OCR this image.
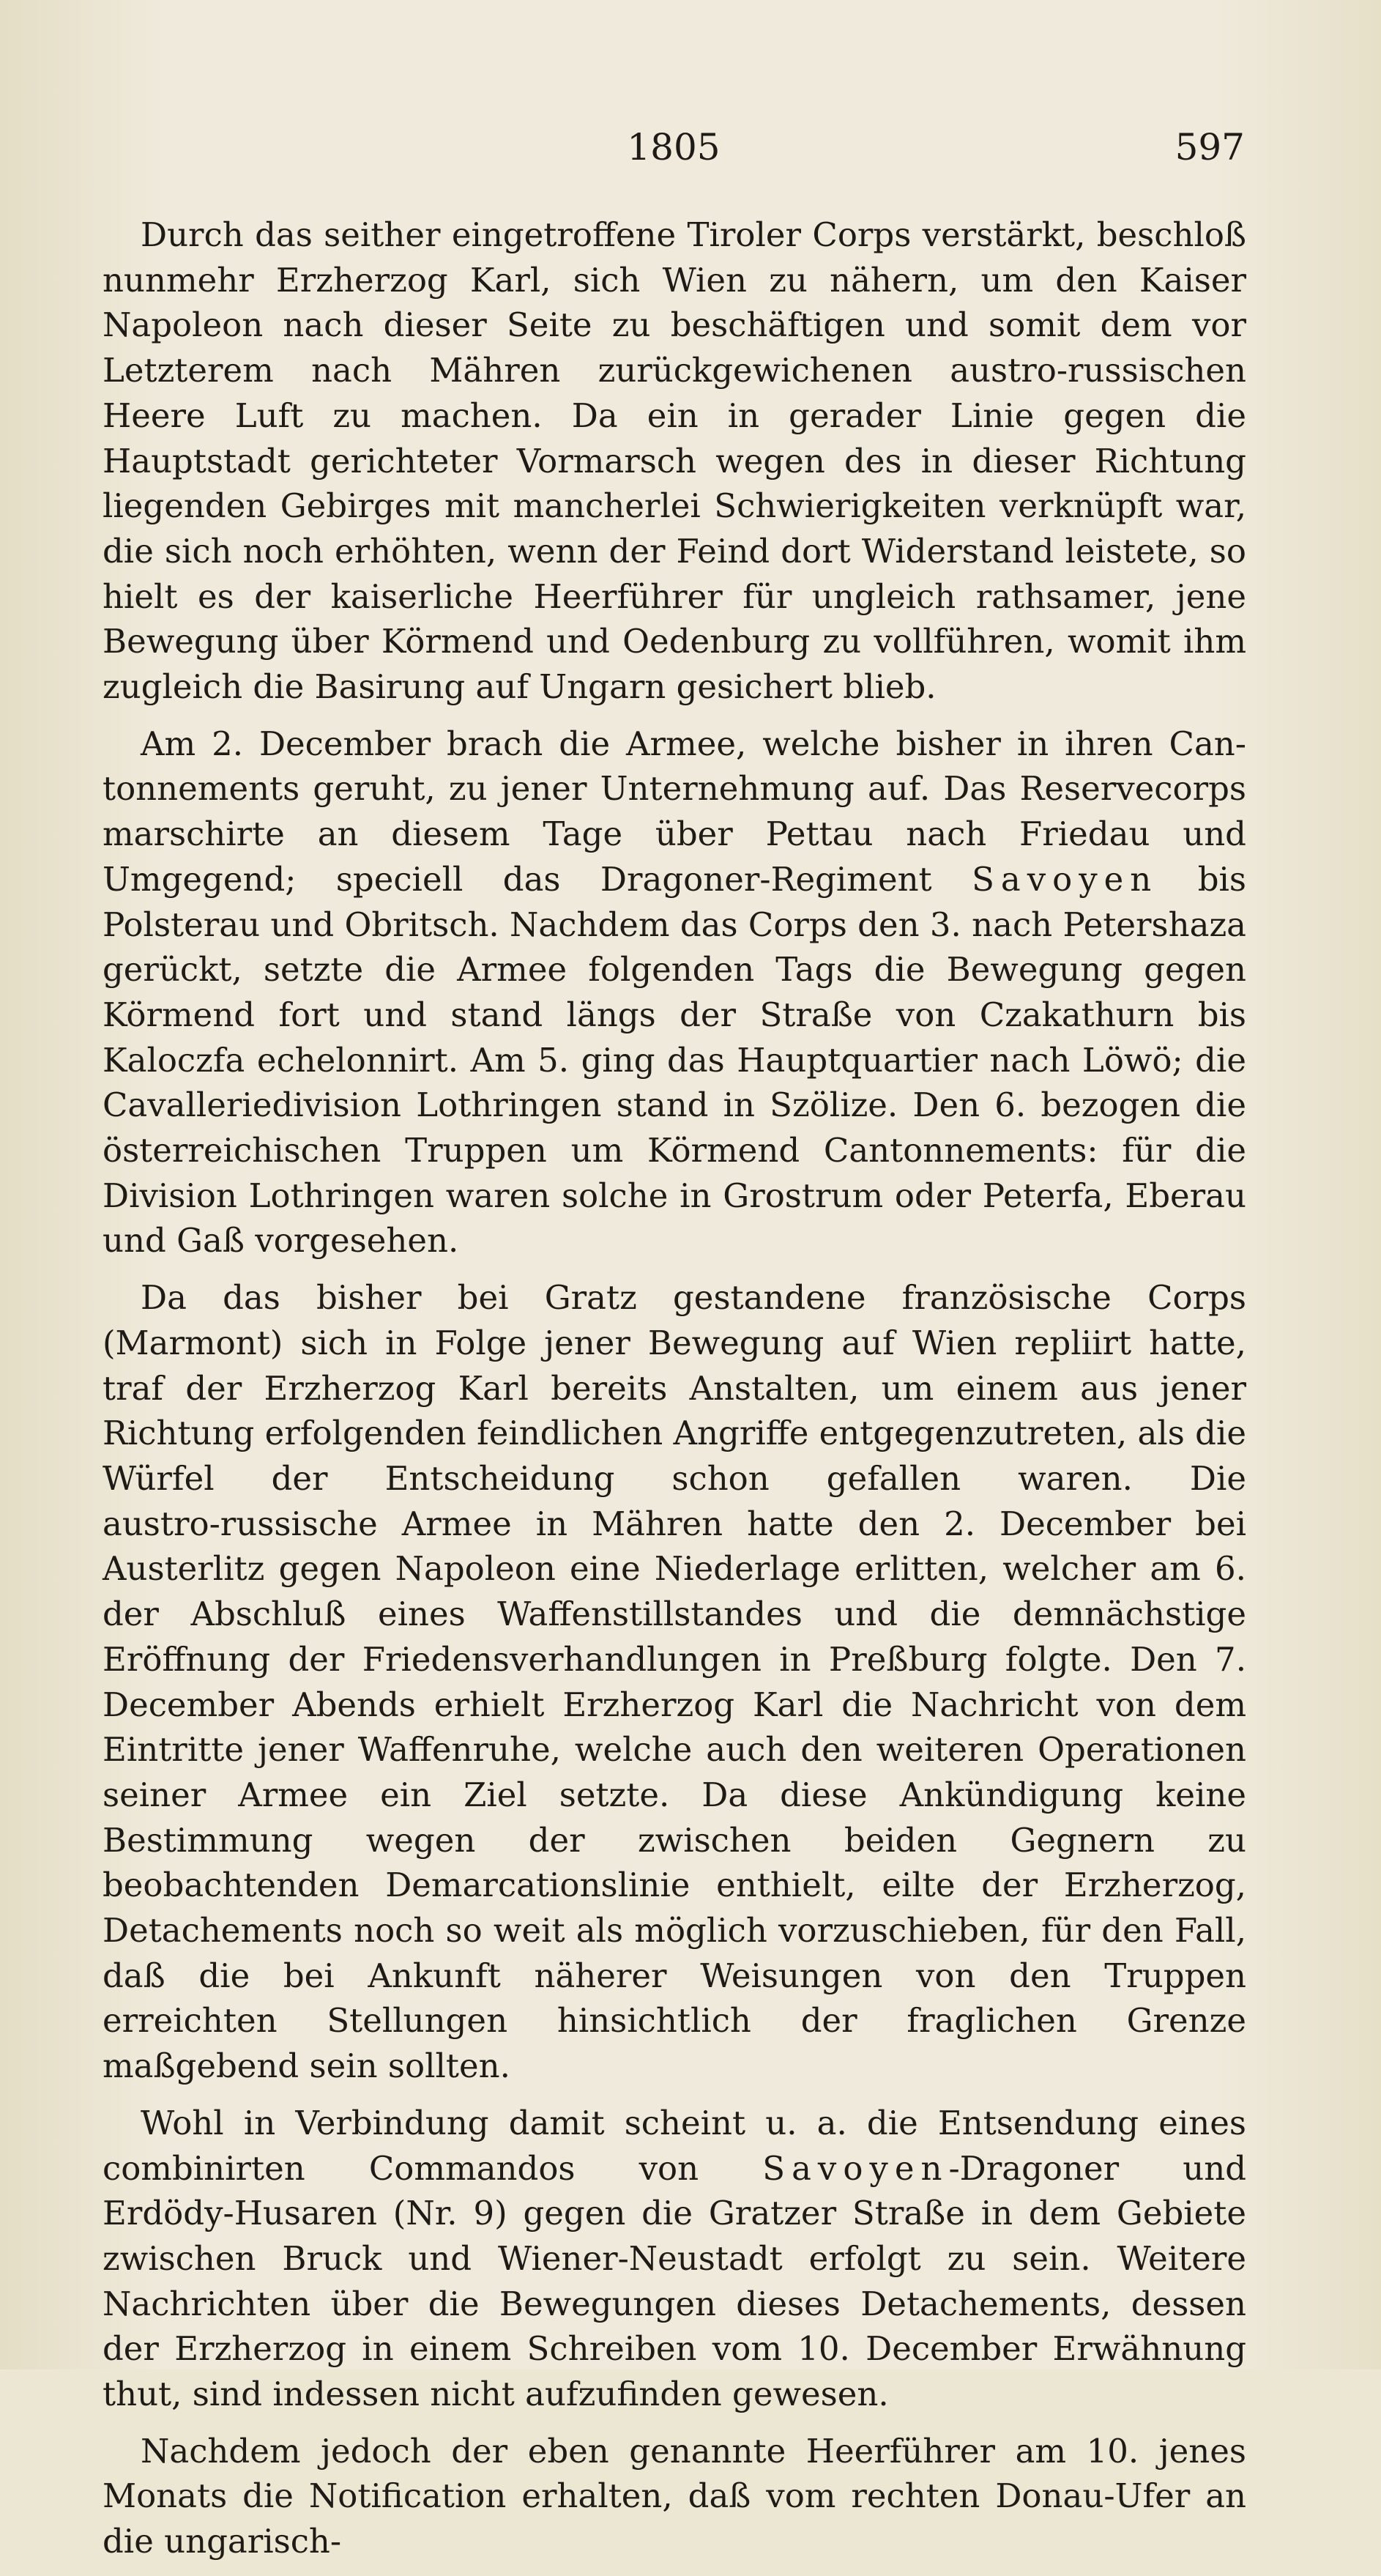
1805	597

Durch das seither eingetroffene Tiroler Corps verstärkt, beschloß nunmehr Erzherzog Karl, sich Wien zu nähern, um den Kaiser Napoleon nach dieser Seite zu beschäftigen und somit dem vor Letzterem nach Mähren zurückgewichenen austro‑russischen Heere Luft zu machen. Da ein in gerader Linie gegen die Hauptstadt gerichteter Vormarsch wegen des in dieser Richtung liegenden Gebirges mit mancherlei Schwierigkeiten verknüpft war, die sich noch erhöhten, wenn der Feind dort Widerstand leistete, so hielt es der kaiserliche Heerführer für ungleich rathsamer, jene Bewegung über Körmend und Oedenburg zu vollführen, womit ihm zugleich die Basirung auf Ungarn gesichert blieb.

Am 2. December brach die Armee, welche bisher in ihren Cantonnements geruht, zu jener Unternehmung auf. Das Reservecorps marschirte an diesem Tage über Pettau nach Friedau und Umgegend; speciell das Dragoner‑Regiment Savoyen bis Polsterau und Obritsch. Nachdem das Corps den 3. nach Petershaza gerückt, setzte die Armee folgenden Tags die Bewegung gegen Körmend fort und stand längs der Straße von Czakathurn bis Kaloczfa echelonnirt. Am 5. ging das Hauptquartier nach Löwö; die Cavalleriedivision Lothringen stand in Szölize. Den 6. bezogen die österreichischen Truppen um Körmend Cantonnements: für die Division Lothringen waren solche in Grostrum oder Peterfa, Eberau und Gaß vorgesehen.

Da das bisher bei Gratz gestandene französische Corps (Marmont) sich in Folge jener Bewegung auf Wien repliirt hatte, traf der Erzherzog Karl bereits Anstalten, um einem aus jener Richtung erfolgenden feindlichen Angriffe entgegenzutreten, als die Würfel der Entscheidung schon gefallen waren. Die austro‑russische Armee in Mähren hatte den 2. December bei Austerlitz gegen Napoleon eine Niederlage erlitten, welcher am 6. der Abschluß eines Waffenstillstandes und die demnächstige Eröffnung der Friedensverhandlungen in Preßburg folgte. Den 7. December Abends erhielt Erzherzog Karl die Nachricht von dem Eintritte jener Waffenruhe, welche auch den weiteren Operationen seiner Armee ein Ziel setzte. Da diese Ankündigung keine Bestimmung wegen der zwischen beiden Gegnern zu beobachtenden Demarcationslinie enthielt, eilte der Erzherzog, Detachements noch so weit als möglich vorzuschieben, für den Fall, daß die bei Ankunft näherer Weisungen von den Truppen erreichten Stellungen hinsichtlich der fraglichen Grenze maßgebend sein sollten.

Wohl in Verbindung damit scheint u. a. die Entsendung eines combinirten Commandos von Savoyen‑Dragoner und Erdödy‑Husaren (Nr. 9) gegen die Gratzer Straße in dem Gebiete zwischen Bruck und Wiener‑Neustadt erfolgt zu sein. Weitere Nachrichten über die Bewegungen dieses Detachements, dessen der Erzherzog in einem Schreiben vom 10. December Erwähnung thut, sind indessen nicht aufzufinden gewesen.

Nachdem jedoch der eben genannte Heerführer am 10. jenes Monats die Notification erhalten, daß vom rechten Donau‑Ufer an die ungarisch‑
